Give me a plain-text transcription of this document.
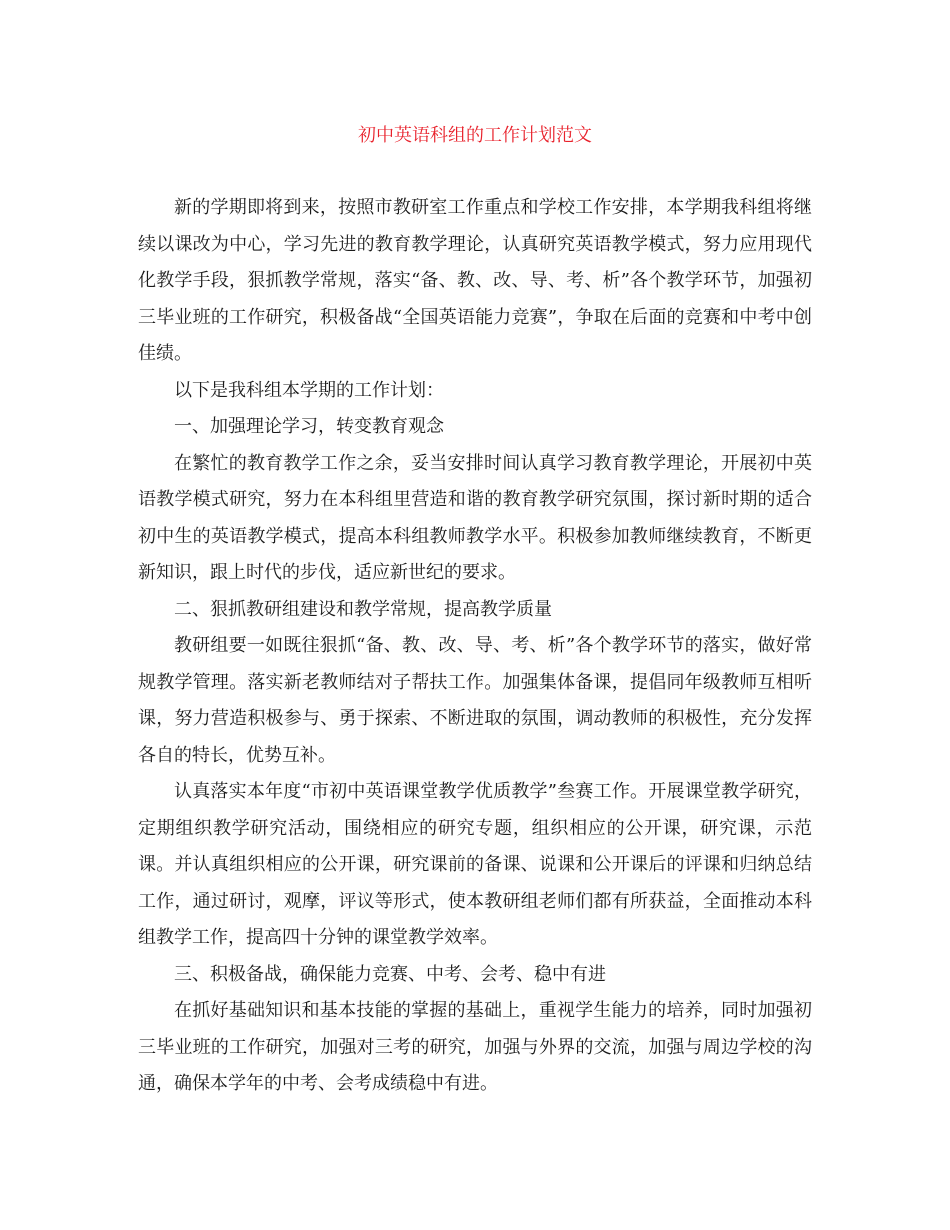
初中英语科组的工作计划范文

新的学期即将到来，按照市教研室工作重点和学校工作安排，本学期我科组将继续以课改为中心，学习先进的教育教学理论，认真研究英语教学模式，努力应用现代化教学手段，狠抓教学常规，落实“备、教、改、导、考、析”各个教学环节，加强初三毕业班的工作研究，积极备战“全国英语能力竞赛”，争取在后面的竞赛和中考中创佳绩。

以下是我科组本学期的工作计划：

一、加强理论学习，转变教育观念

在繁忙的教育教学工作之余，妥当安排时间认真学习教育教学理论，开展初中英语教学模式研究，努力在本科组里营造和谐的教育教学研究氛围，探讨新时期的适合初中生的英语教学模式，提高本科组教师教学水平。积极参加教师继续教育，不断更新知识，跟上时代的步伐，适应新世纪的要求。

二、狠抓教研组建设和教学常规，提高教学质量

教研组要一如既往狠抓“备、教、改、导、考、析”各个教学环节的落实，做好常规教学管理。落实新老教师结对子帮扶工作。加强集体备课，提倡同年级教师互相听课，努力营造积极参与、勇于探索、不断进取的氛围，调动教师的积极性，充分发挥各自的特长，优势互补。

认真落实本年度“市初中英语课堂教学优质教学”叁赛工作。开展课堂教学研究，定期组织教学研究活动，围绕相应的研究专题，组织相应的公开课，研究课，示范课。并认真组织相应的公开课，研究课前的备课、说课和公开课后的评课和归纳总结工作，通过研讨，观摩，评议等形式，使本教研组老师们都有所获益，全面推动本科组教学工作，提高四十分钟的课堂教学效率。

三、积极备战，确保能力竞赛、中考、会考、稳中有进

在抓好基础知识和基本技能的掌握的基础上，重视学生能力的培养，同时加强初三毕业班的工作研究，加强对三考的研究，加强与外界的交流，加强与周边学校的沟通，确保本学年的中考、会考成绩稳中有进。
